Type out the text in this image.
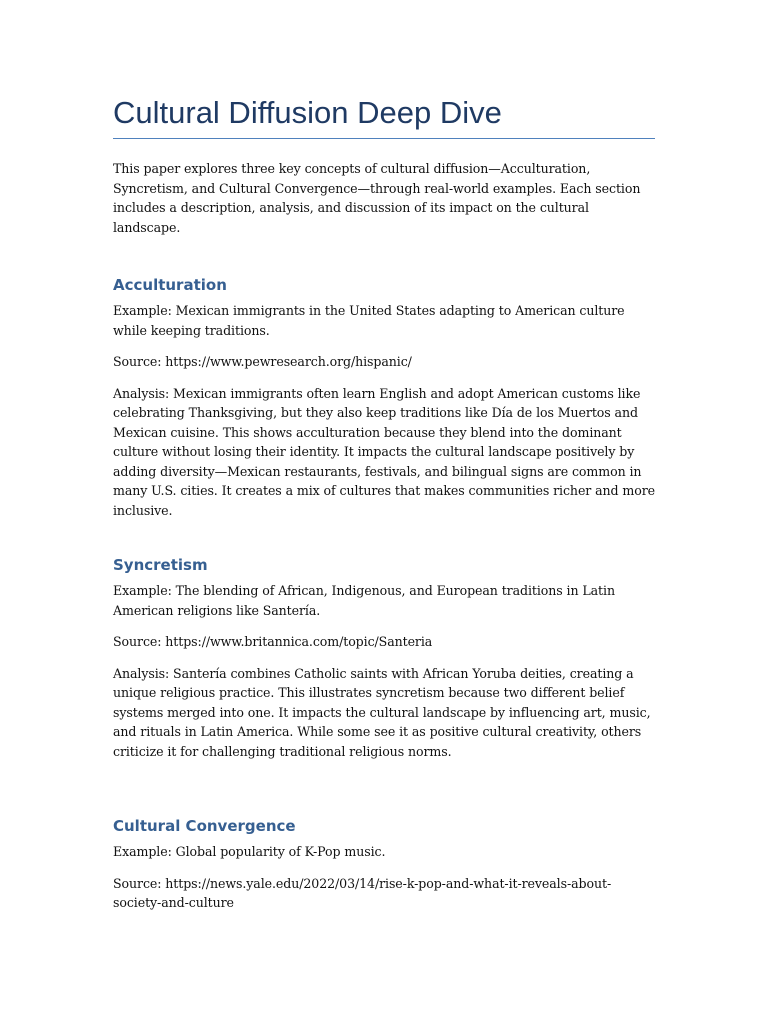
Cultural Diffusion Deep Dive

This paper explores three key concepts of cultural diffusion—Acculturation, Syncretism, and Cultural Convergence—through real-world examples. Each section includes a description, analysis, and discussion of its impact on the cultural landscape.

Acculturation

Example: Mexican immigrants in the United States adapting to American culture while keeping traditions.

Source: https://www.pewresearch.org/hispanic/

Analysis: Mexican immigrants often learn English and adopt American customs like celebrating Thanksgiving, but they also keep traditions like Día de los Muertos and Mexican cuisine. This shows acculturation because they blend into the dominant culture without losing their identity. It impacts the cultural landscape positively by adding diversity—Mexican restaurants, festivals, and bilingual signs are common in many U.S. cities. It creates a mix of cultures that makes communities richer and more inclusive.

Syncretism

Example: The blending of African, Indigenous, and European traditions in Latin American religions like Santería.

Source: https://www.britannica.com/topic/Santeria

Analysis: Santería combines Catholic saints with African Yoruba deities, creating a unique religious practice. This illustrates syncretism because two different belief systems merged into one. It impacts the cultural landscape by influencing art, music, and rituals in Latin America. While some see it as positive cultural creativity, others criticize it for challenging traditional religious norms.

Cultural Convergence

Example: Global popularity of K-Pop music.

Source: https://news.yale.edu/2022/03/14/rise-k-pop-and-what-it-reveals-about-society-and-culture
